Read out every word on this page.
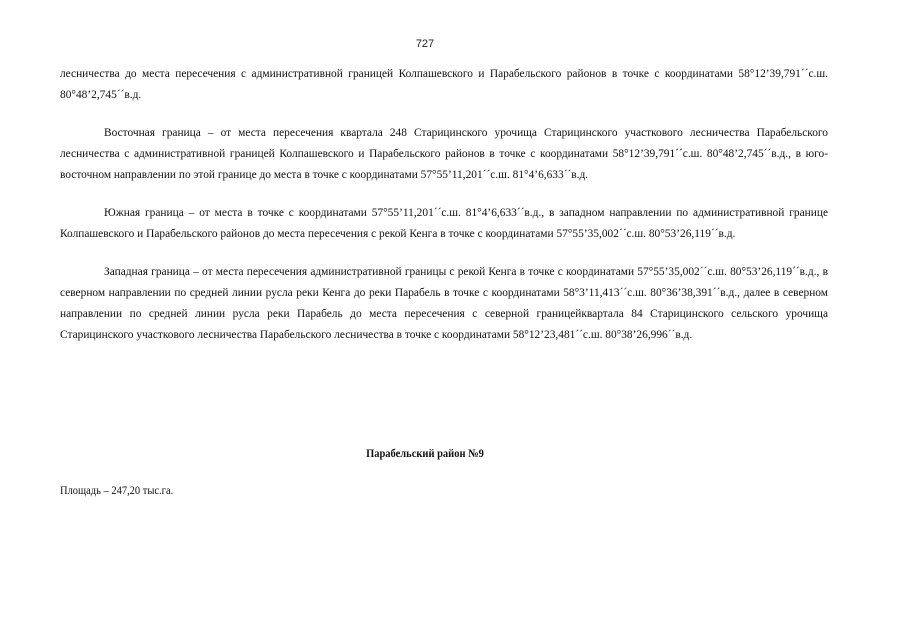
727

лесничества до места пересечения с административной границей Колпашевского и Парабельского районов в точке с координатами 58°12’39,791´´с.ш. 80°48’2,745´´в.д.

Восточная граница – от места пересечения квартала 248 Старицинского урочища Старицинского участкового лесничества Парабельского лесничества с административной границей Колпашевского и Парабельского районов в точке с координатами 58°12’39,791´´с.ш. 80°48’2,745´´в.д., в юго-восточном направлении по этой границе до места в точке с координатами 57°55’11,201´´с.ш. 81°4’6,633´´в.д.

Южная граница – от места в точке с координатами 57°55’11,201´´с.ш. 81°4’6,633´´в.д., в западном направлении по административной границе Колпашевского и Парабельского районов до места пересечения с рекой Кенга в точке с координатами 57°55’35,002´´с.ш. 80°53’26,119´´в.д.

Западная граница – от места пересечения административной границы с рекой Кенга в точке с координатами 57°55’35,002´´с.ш. 80°53’26,119´´в.д., в северном направлении по средней линии русла реки Кенга до реки Парабель в точке с координатами 58°3’11,413´´с.ш. 80°36’38,391´´в.д., далее в северном направлении по средней линии русла реки Парабель до места пересечения с северной границейквартала 84 Старицинского сельского урочища Старицинского участкового лесничества Парабельского лесничества в точке с координатами 58°12’23,481´´с.ш. 80°38’26,996´´в.д.

Парабельский район №9
Площадь – 247,20 тыс.га.
